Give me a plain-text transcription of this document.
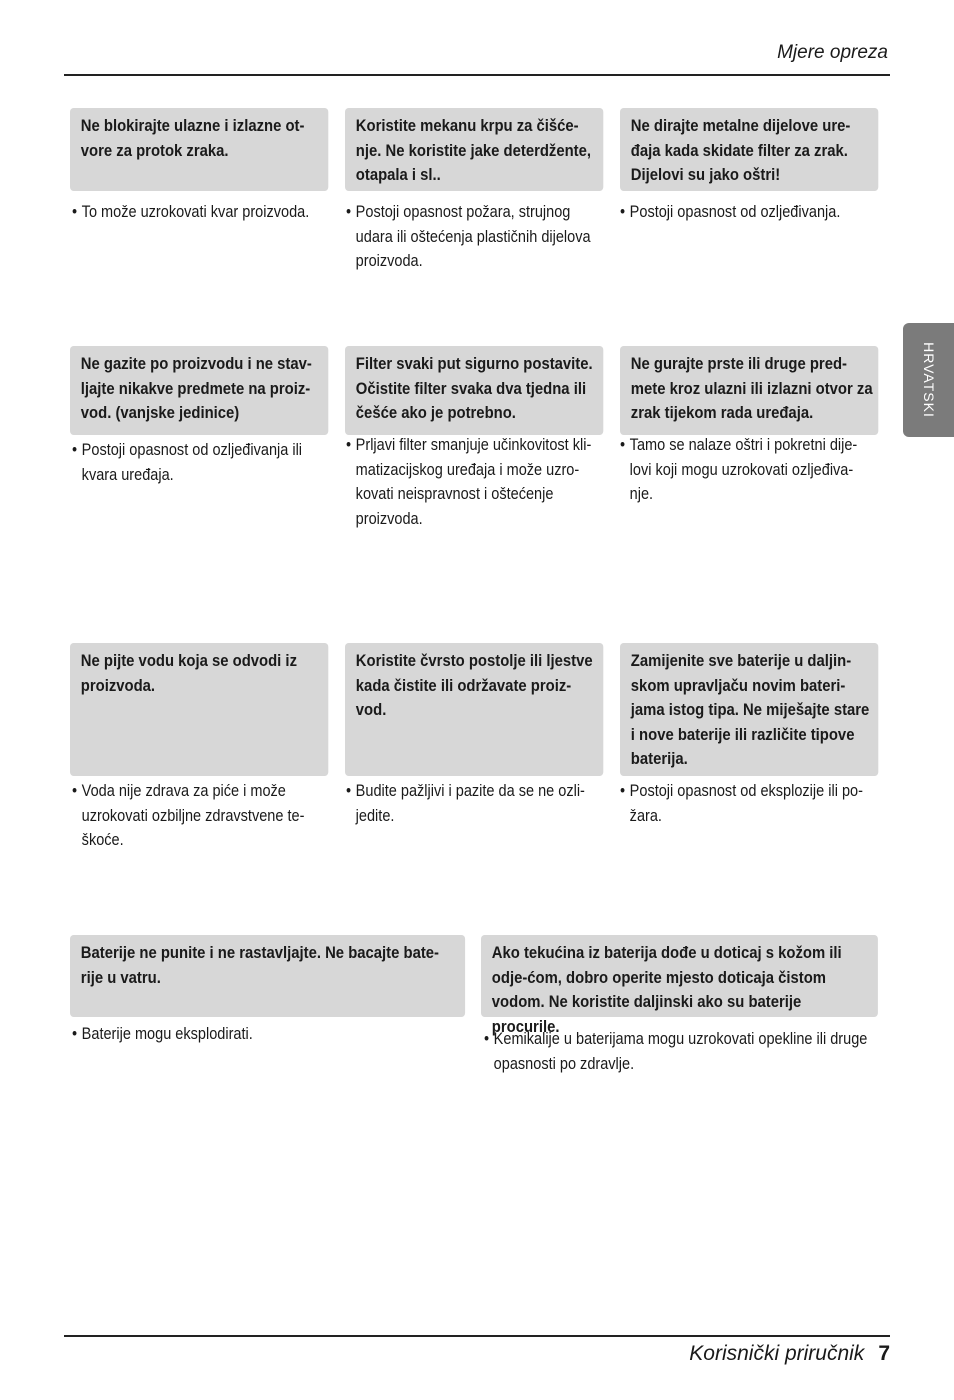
Mjere opreza
HRVATSKI
Ne blokirajte ulazne i izlazne ot-vore za protok zraka.
• To može uzrokovati kvar proizvoda.
Koristite mekanu krpu za čišće-nje. Ne koristite jake deterdžente, otapala i sl..
• Postoji opasnost požara, strujnog udara ili oštećenja plastičnih dijelova proizvoda.
Ne dirajte metalne dijelove ure-đaja kada skidate filter za zrak. Dijelovi su jako oštri!
• Postoji opasnost od ozljeđivanja.
Ne gazite po proizvodu i ne stav-ljajte nikakve predmete na proiz-vod. (vanjske jedinice)
• Postoji opasnost od ozljeđivanja ili kvara uređaja.
Filter svaki put sigurno postavite. Očistite filter svaka dva tjedna ili češće ako je potrebno.
• Prljavi filter smanjuje učinkovitost kli-matizacijskog uređaja i može uzro-kovati neispravnost i oštećenje proizvoda.
Ne gurajte prste ili druge pred-mete kroz ulazni ili izlazni otvor za zrak tijekom rada uređaja.
• Tamo se nalaze oštri i pokretni dije-lovi koji mogu uzrokovati ozljeđiva-nje.
Ne pijte vodu koja se odvodi iz proizvoda.
• Voda nije zdrava za piće i može uzrokovati ozbiljne zdravstvene te-škoće.
Koristite čvrsto postolje ili ljestve kada čistite ili održavate proiz-vod.
• Budite pažljivi i pazite da se ne ozli-jedite.
Zamijenite sve baterije u daljin-skom upravljaču novim bateri-jama istog tipa. Ne miješajte stare i nove baterije ili različite tipove baterija.
• Postoji opasnost od eksplozije ili po-žara.
Baterije ne punite i ne rastavljajte. Ne bacajte bate-rije u vatru.
• Baterije mogu eksplodirati.
Ako tekućina iz baterija dođe u doticaj s kožom ili odje-ćom, dobro operite mjesto doticaja čistom vodom. Ne koristite daljinski ako su baterije procurile.
• Kemikalije u baterijama mogu uzrokovati opekline ili druge opasnosti po zdravlje.
Korisnički priručnik 7
